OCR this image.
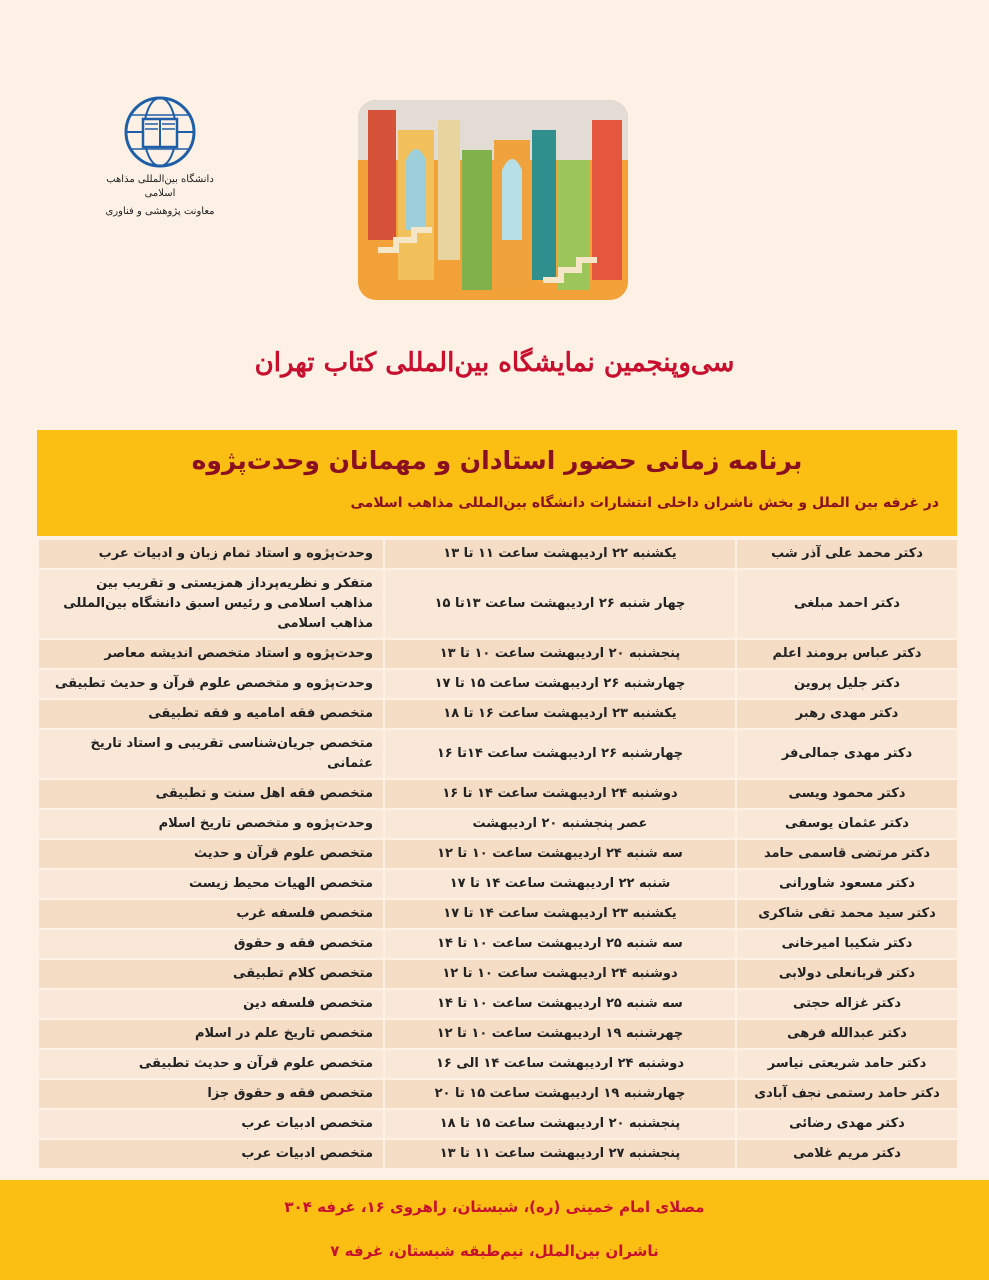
دانشگاه بین‌المللی مذاهب اسلامی
معاونت پژوهشی و فناوری
سی‌وپنجمین نمایشگاه بین‌المللی کتاب تهران
برنامه زمانی حضور استادان و مهمانان وحدت‌پژوه
در غرفه بین الملل و بخش ناشران داخلی انتشارات دانشگاه بین‌المللی مذاهب اسلامی
دکتر محمد علی آذر شب	یکشنبه ۲۲ اردیبهشت ساعت ۱۱ تا ۱۳	وحدت‌پژوه و استاد تمام زبان و ادبیات عرب
دکتر احمد مبلغی	چهار شنبه ۲۶ اردیبهشت ساعت ۱۳تا ۱۵	متفکر و نظریه‌پرداز همزیستی و تقریب بین مذاهب اسلامی و رئیس اسبق دانشگاه بین‌المللی مذاهب اسلامی
دکتر عباس برومند اعلم	پنجشنبه ۲۰ اردیبهشت ساعت ۱۰ تا ۱۳	وحدت‌پژوه و استاد متخصص اندیشه معاصر
دکتر جلیل پروین	چهارشنبه ۲۶ اردیبهشت ساعت ۱۵ تا ۱۷	وحدت‌پژوه و متخصص علوم قرآن و حدیث تطبیقی
دکتر مهدی رهبر	یکشنبه ۲۳ اردیبهشت ساعت ۱۶ تا ۱۸	متخصص فقه امامیه و فقه تطبیقی
دکتر مهدی جمالی‌فر	چهارشنبه ۲۶ اردیبهشت ساعت ۱۴تا ۱۶	متخصص جریان‌شناسی تقریبی و استاد تاریخ عثمانی
دکتر محمود ویسی	دوشنبه ۲۴ اردیبهشت ساعت ۱۴ تا ۱۶	متخصص فقه اهل سنت و تطبیقی
دکتر عثمان یوسفی	عصر پنجشنبه ۲۰ اردیبهشت	وحدت‌پژوه و متخصص تاریخ اسلام
دکتر مرتضی قاسمی حامد	سه شنبه ۲۴ اردیبهشت ساعت ۱۰ تا ۱۲	متخصص علوم قرآن و حدیث
دکتر مسعود شاورانی	شنبه ۲۲ اردیبهشت ساعت ۱۴ تا ۱۷	متخصص الهیات محیط زیست
دکتر سید محمد تقی شاکری	یکشنبه ۲۳ اردیبهشت ساعت ۱۴ تا ۱۷	متخصص فلسفه غرب
دکتر شکیبا امیرخانی	سه شنبه ۲۵ اردیبهشت ساعت ۱۰ تا ۱۴	متخصص فقه و حقوق
دکتر قربانعلی دولابی	دوشنبه ۲۴ اردیبهشت ساعت ۱۰ تا ۱۲	متخصص کلام تطبیقی
دکتر غزاله حجتی	سه شنبه ۲۵ اردیبهشت ساعت ۱۰ تا ۱۴	متخصص فلسفه دین
دکتر عبدالله فرهی	چهرشنبه ۱۹ اردیبهشت ساعت ۱۰ تا ۱۲	متخصص تاریخ علم در اسلام
دکتر حامد شریعتی نیاسر	دوشنبه ۲۴ اردیبهشت ساعت ۱۴ الی ۱۶	متخصص علوم قرآن و حدیث تطبیقی
دکتر حامد رستمی نجف آبادی	چهارشنبه ۱۹ اردیبهشت ساعت ۱۵ تا ۲۰	متخصص فقه و حقوق جزا
دکتر مهدی رضائی	پنجشنبه ۲۰ اردیبهشت ساعت ۱۵ تا ۱۸	متخصص ادبیات عرب
دکتر مریم غلامی	پنجشنبه ۲۷ اردیبهشت ساعت ۱۱ تا ۱۳	متخصص ادبیات عرب
مصلای امام خمینی (ره)، شبستان، راهروی ۱۶، غرفه ۳۰۴
ناشران بین‌الملل، نیم‌طبقه شبستان، غرفه ۷
